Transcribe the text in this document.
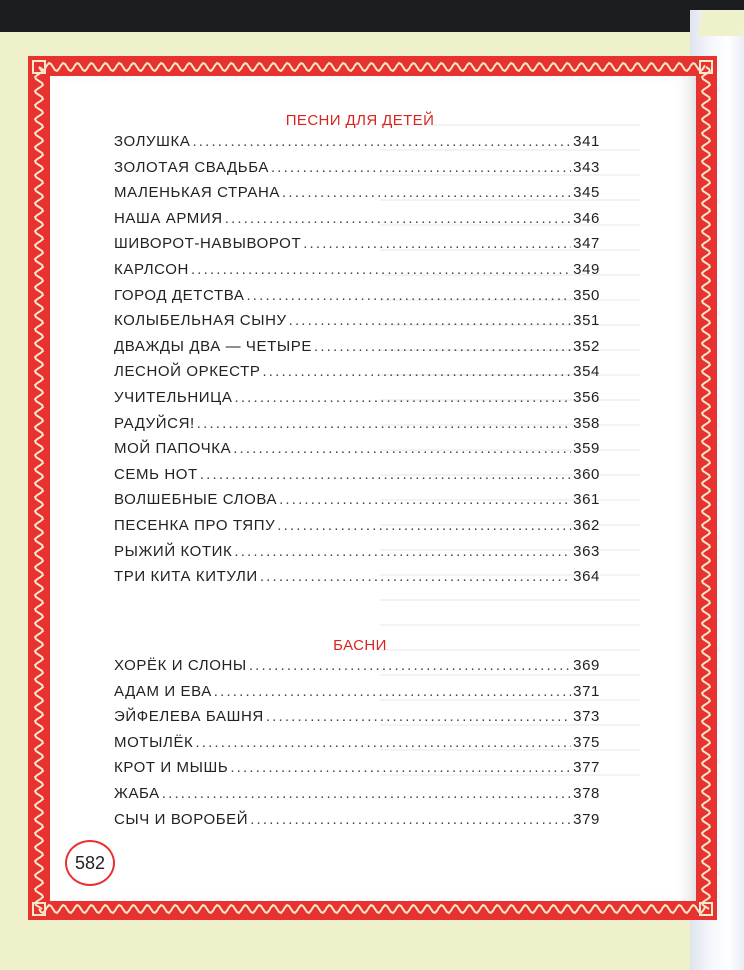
ПЕСНИ ДЛЯ ДЕТЕЙ
ЗОЛУШКА . . .	341
ЗОЛОТАЯ СВАДЬБА . . .	343
МАЛЕНЬКАЯ СТРАНА . . .	345
НАША АРМИЯ . . .	346
ШИВОРОТ-НАВЫВОРОТ . . .	347
КАРЛСОН . . .	349
ГОРОД ДЕТСТВА . . .	350
КОЛЫБЕЛЬНАЯ СЫНУ . . .	351
ДВАЖДЫ ДВА — ЧЕТЫРЕ . . .	352
ЛЕСНОЙ ОРКЕСТР . . .	354
УЧИТЕЛЬНИЦА . . .	356
РАДУЙСЯ! . . .	358
МОЙ ПАПОЧКА . . .	359
СЕМЬ НОТ . . .	360
ВОЛШЕБНЫЕ СЛОВА . . .	361
ПЕСЕНКА ПРО ТЯПУ . . .	362
РЫЖИЙ КОТИК . . .	363
ТРИ КИТА КИТУЛИ . . .	364
БАСНИ
ХОРЁК И СЛОНЫ . . .	369
АДАМ И ЕВА . . .	371
ЭЙФЕЛЕВА БАШНЯ . . .	373
МОТЫЛЁК . . .	375
КРОТ И МЫШЬ . . .	377
ЖАБА . . .	378
СЫЧ И ВОРОБЕЙ . . .	379
582
